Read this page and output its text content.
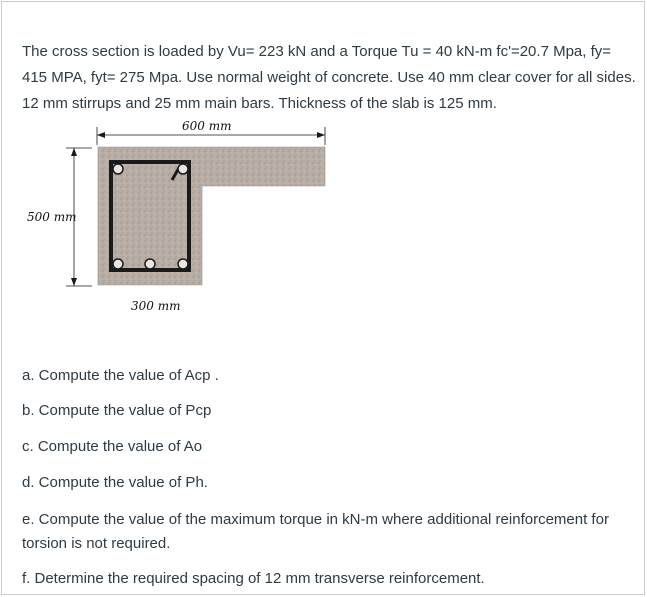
The cross section is loaded by Vu= 223 kN and a Torque Tu = 40 kN-m fc'=20.7 Mpa, fy= 415 MPA, fyt= 275 Mpa. Use normal weight of concrete. Use 40 mm clear cover for all sides. 12 mm stirrups and 25 mm main bars. Thickness of the slab is 125 mm.

600 mm
500 mm
300 mm

a. Compute the value of Acp .

b. Compute the value of Pcp

c. Compute the value of Ao

d. Compute the value of Ph.

e. Compute the value of the maximum torque in kN-m where additional reinforcement for torsion is not required.

f. Determine the required spacing of 12 mm transverse reinforcement.
